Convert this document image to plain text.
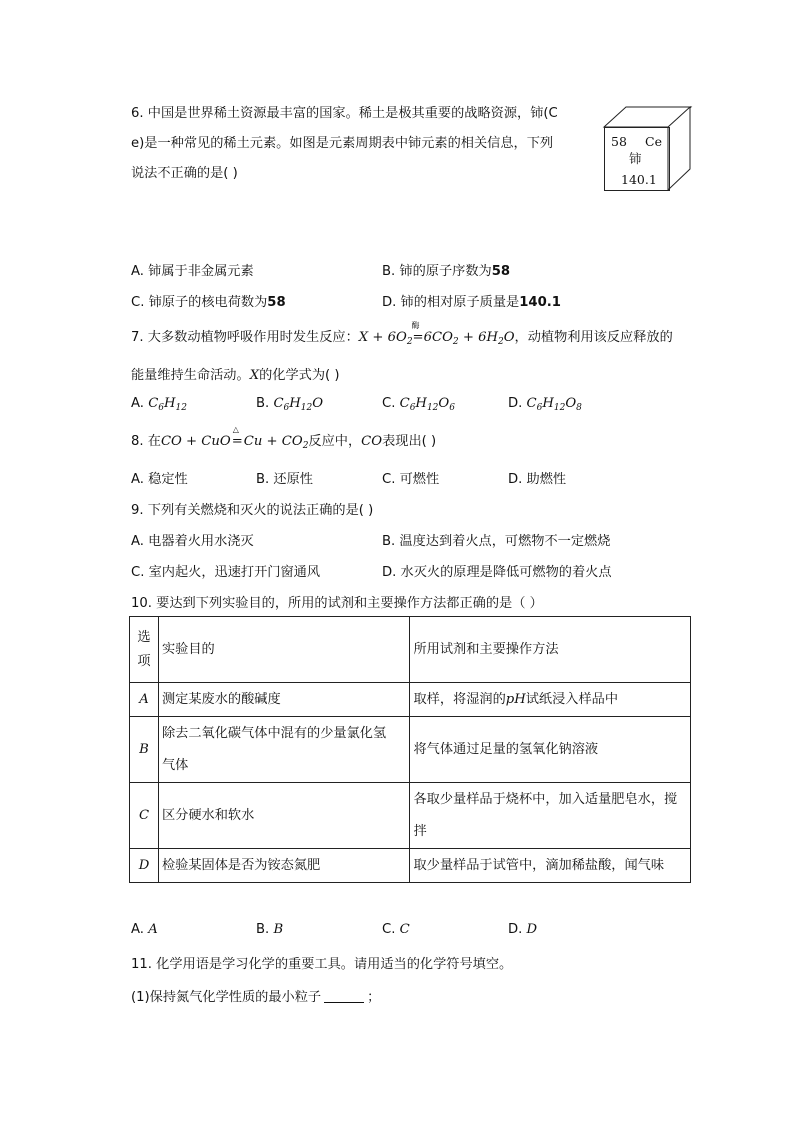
6. 中国是世界稀土资源最丰富的国家。稀土是极其重要的战略资源，铈(C
e)是一种常见的稀土元素。如图是元素周期表中铈元素的相关信息，下列
说法不正确的是( )
58 Ce
铈
140.1
A. 铈属于非金属元素	B. 铈的原子序数为58
C. 铈原子的核电荷数为58	D. 铈的相对原子质量是140.1
7. 大多数动植物呼吸作用时发生反应：$X + 6O_2$
酶
$=6CO_2 + 6H_2O$，动植物利用该反应释放的
能量维持生命活动。X的化学式为( )
A. $C_6H_{12}$	B. $C_6H_{12}O$	C. $C_6H_{12}O_6$	D. $C_6H_{12}O_8$
8. 在CO + CuO
△
$=Cu + CO_2$反应中，CO表现出( )
A. 稳定性	B. 还原性	C. 可燃性	D. 助燃性
9. 下列有关燃烧和灭火的说法正确的是( )
A. 电器着火用水浇灭	B. 温度达到着火点，可燃物不一定燃烧
C. 室内起火，迅速打开门窗通风	D. 水灭火的原理是降低可燃物的着火点
10. 要达到下列实验目的，所用的试剂和主要操作方法都正确的是（ ）
选
项	实验目的	所用试剂和主要操作方法
A	测定某废水的酸碱度	取样，将湿润的pH试纸浸入样品中
B	除去二氧化碳气体中混有的少量氯化氢
气体	将气体通过足量的氢氧化钠溶液
C	区分硬水和软水	各取少量样品于烧杯中，加入适量肥皂水，搅
拌
D	检验某固体是否为铵态氮肥	取少量样品于试管中，滴加稀盐酸，闻气味
A. A	B. B	C. C	D. D
11. 化学用语是学习化学的重要工具。请用适当的化学符号填空。
(1)保持氮气化学性质的最小粒子	；
